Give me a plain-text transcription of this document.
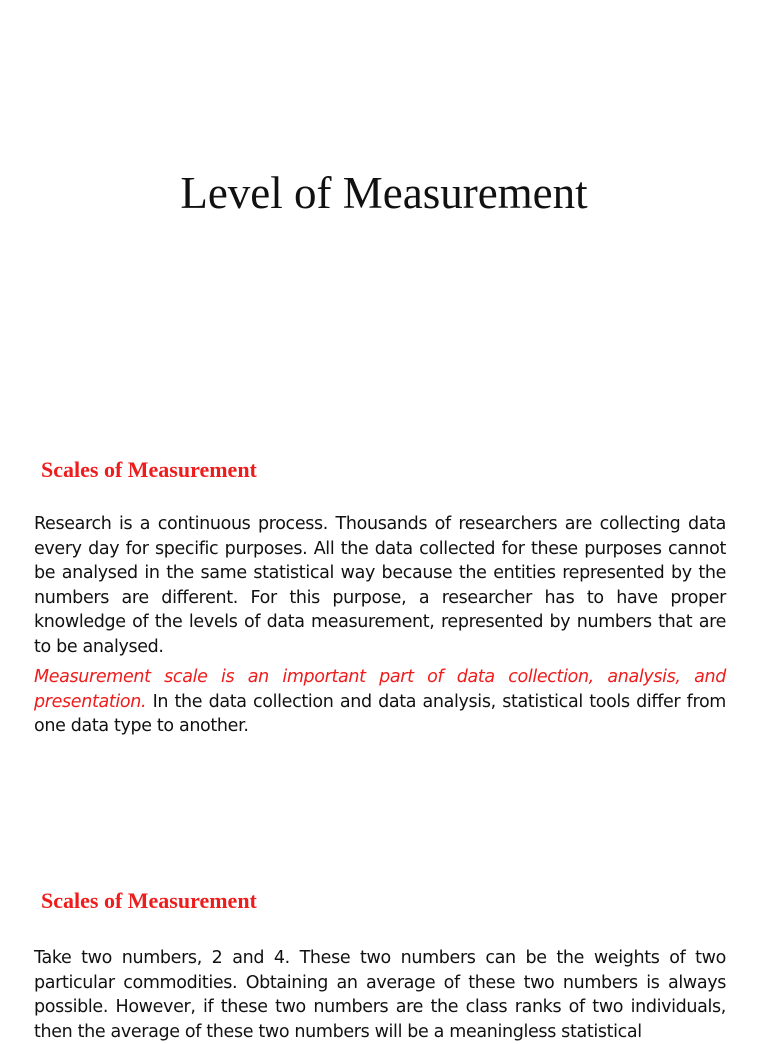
Level of Measurement
Scales of Measurement

Research is a continuous process. Thousands of researchers are collecting data every day for specific purposes. All the data collected for these purposes cannot be analysed in the same statistical way because the entities represented by the numbers are different. For this purpose, a researcher has to have proper knowledge of the levels of data measurement, represented by numbers that are to be analysed.

Measurement scale is an important part of data collection, analysis, and presentation. In the data collection and data analysis, statistical tools differ from one data type to another.

Scales of Measurement

Take two numbers, 2 and 4. These two numbers can be the weights of two particular commodities. Obtaining an average of these two numbers is always possible. However, if these two numbers are the class ranks of two individuals, then the average of these two numbers will be a meaningless statistical
